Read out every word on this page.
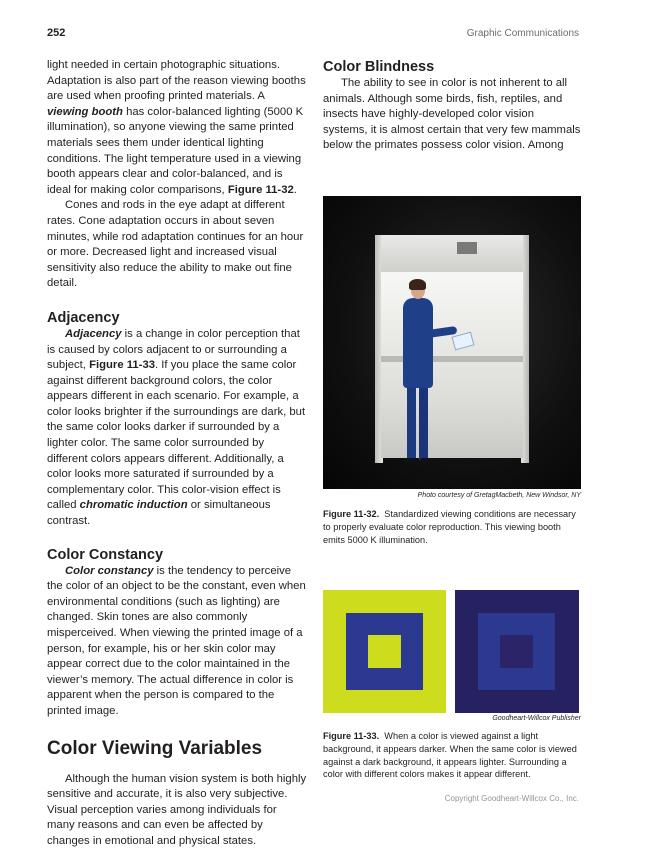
252	Graphic Communications

light needed in certain photographic situations. Adaptation is also part of the reason viewing booths are used when proofing printed materials. A viewing booth has color-balanced lighting (5000 K illumination), so anyone viewing the same printed materials sees them under identical lighting conditions. The light temperature used in a viewing booth appears clear and color-balanced, and is ideal for making color comparisons, Figure 11-32.

Cones and rods in the eye adapt at different rates. Cone adaptation occurs in about seven minutes, while rod adaptation continues for an hour or more. Decreased light and increased visual sensitivity also reduce the ability to make out fine detail.

Adjacency

Adjacency is a change in color perception that is caused by colors adjacent to or surrounding a subject, Figure 11-33. If you place the same color against different background colors, the color appears different in each scenario. For example, a color looks brighter if the surroundings are dark, but the same color looks darker if surrounded by a lighter color. The same color surrounded by different colors appears different. Additionally, a color looks more saturated if surrounded by a complementary color. This color-vision effect is called chromatic induction or simultaneous contrast.

Color Constancy

Color constancy is the tendency to perceive the color of an object to be the constant, even when environmental conditions (such as lighting) are changed. Skin tones are also commonly misperceived. When viewing the printed image of a person, for example, his or her skin color may appear correct due to the color maintained in the viewer’s memory. The actual difference in color is apparent when the person is compared to the printed image.

Color Viewing Variables

Although the human vision system is both highly sensitive and accurate, it is also very subjective. Visual perception varies among individuals for many reasons and can even be affected by changes in emotional and physical states.

Color Blindness

The ability to see in color is not inherent to all animals. Although some birds, fish, reptiles, and insects have highly-developed color vision systems, it is almost certain that very few mammals below the primates possess color vision. Among

Photo courtesy of GretagMacbeth, New Windsor, NY
Figure 11-32. Standardized viewing conditions are necessary to properly evaluate color reproduction. This viewing booth emits 5000 K illumination.
Goodheart-Willcox Publisher
Figure 11-33. When a color is viewed against a light background, it appears darker. When the same color is viewed against a dark background, it appears lighter. Surrounding a color with different colors makes it appear different.
Copyright Goodheart-Willcox Co., Inc.
